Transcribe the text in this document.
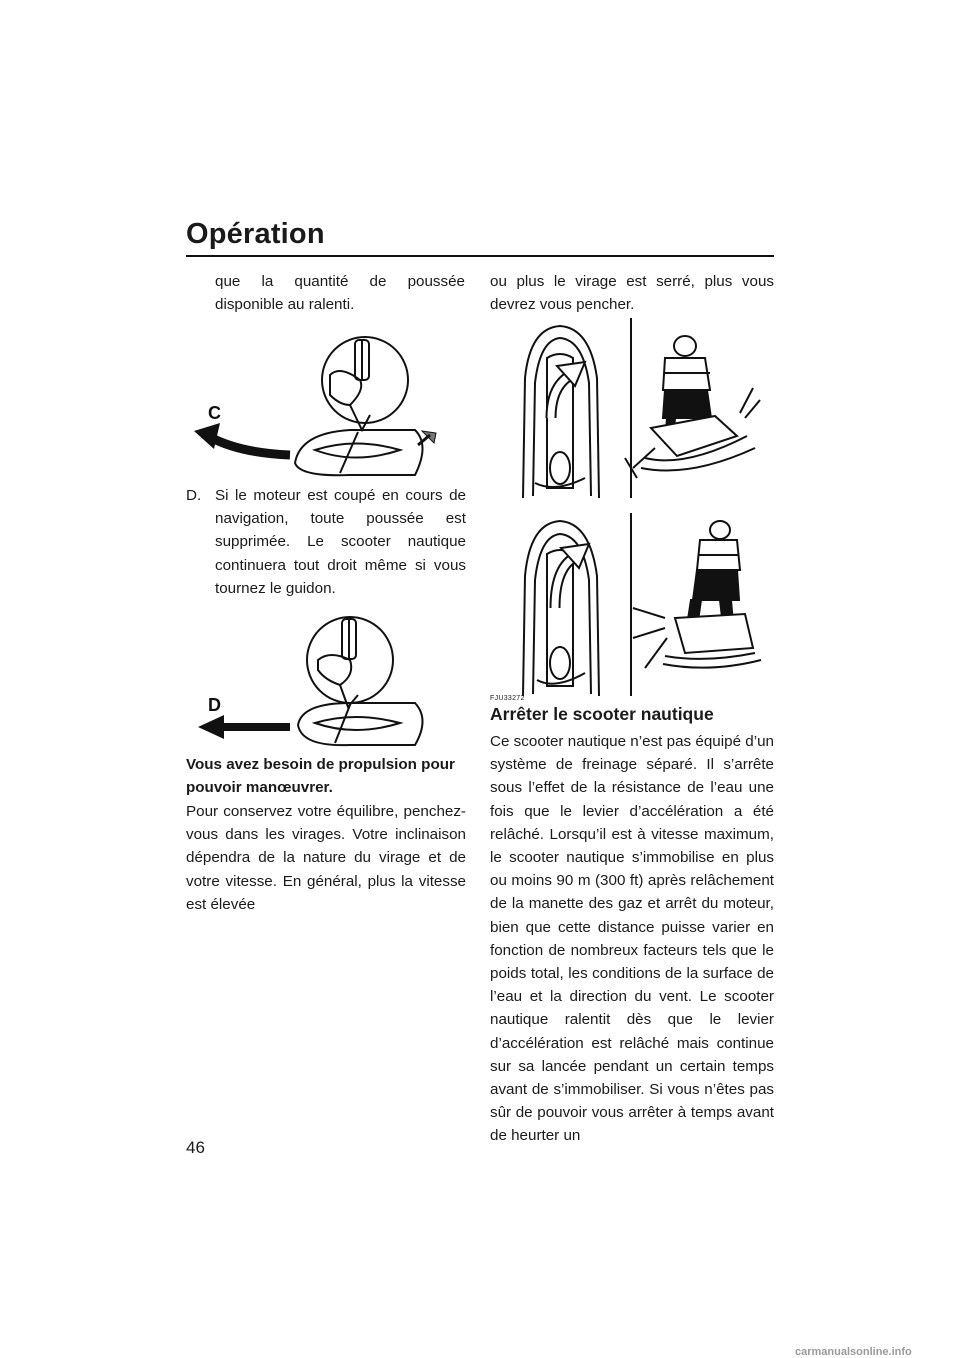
Opération
que la quantité de poussée disponible au ralenti.
C
D. Si le moteur est coupé en cours de navigation, toute poussée est supprimée. Le scooter nautique continuera tout droit même si vous tournez le guidon.
D
Vous avez besoin de propulsion pour pouvoir manœuvrer.
Pour conservez votre équilibre, penchez-vous dans les virages. Votre inclinaison dépendra de la nature du virage et de votre vitesse. En général, plus la vitesse est élevée
ou plus le virage est serré, plus vous devrez vous pencher.
FJU33272
Arrêter le scooter nautique
Ce scooter nautique n’est pas équipé d’un système de freinage séparé. Il s’arrête sous l’effet de la résistance de l’eau une fois que le levier d’accélération a été relâché. Lorsqu’il est à vitesse maximum, le scooter nautique s’immobilise en plus ou moins 90 m (300 ft) après relâchement de la manette des gaz et arrêt du moteur, bien que cette distance puisse varier en fonction de nombreux facteurs tels que le poids total, les conditions de la surface de l’eau et la direction du vent. Le scooter nautique ralentit dès que le levier d’accélération est relâché mais continue sur sa lancée pendant un certain temps avant de s’immobiliser. Si vous n’êtes pas sûr de pouvoir vous arrêter à temps avant de heurter un
46
carmanualsonline.info
